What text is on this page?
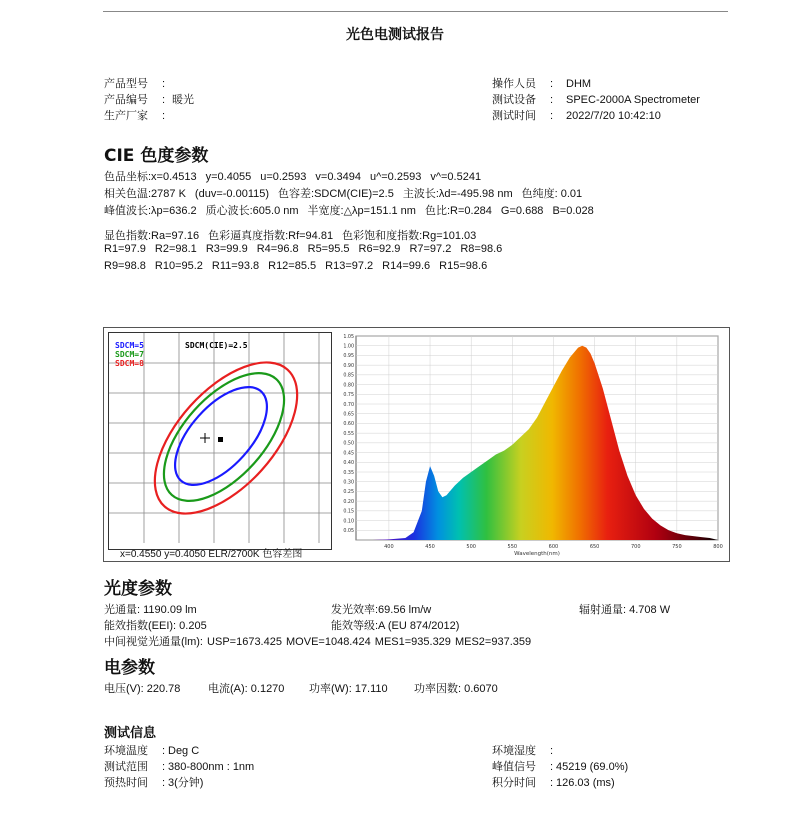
光色电测试报告
产品型号 :
产品编号 : 暖光
生产厂家 :
操作人员 : DHM
测试设备 : SPEC-2000A Spectrometer
测试时间 : 2022/7/20 10:42:10
CIE 色度参数
色品坐标:x=0.4513 y=0.4055 u=0.2593 v=0.3494 u^=0.2593 v^=0.5241
相关色温:2787 K (duv=-0.00115) 色容差:SDCM(CIE)=2.5 主波长:λd=-495.98 nm 色纯度: 0.01
峰值波长:λp=636.2 质心波长:605.0 nm 半宽度:△λp=151.1 nm 色比:R=0.284 G=0.688 B=0.028
显色指数:Ra=97.16 色彩逼真度指数:Rf=94.81 色彩饱和度指数:Rg=101.03
R1=97.9 R2=98.1 R3=99.9 R4=96.8 R5=95.5 R6=92.9 R7=97.2 R8=98.6
R9=98.8 R10=95.2 R11=93.8 R12=85.5 R13=97.2 R14=99.6 R15=98.6
SDCM=5
SDCM=7
SDCM=8
SDCM(CIE)=2.5
x=0.4550 y=0.4050 ELR/2700K 色容差图
0.05
0.10
0.15
0.20
0.25
0.30
0.35
0.40
0.45
0.50
0.55
0.60
0.65
0.70
0.75
0.80
0.85
0.90
0.95
1.00
1.05
400	450	500	550	600	650	700	750	800
Wavelength(nm)
光度参数
光通量: 1190.09 lm	发光效率:69.56 lm/w	辐射通量: 4.708 W
能效指数(EEI): 0.205	能效等级:A (EU 874/2012)
中间视觉光通量(lm): USP=1673.425 MOVE=1048.424 MES1=935.329 MES2=937.359
电参数
电压(V): 220.78	电流(A): 0.1270 功率(W): 17.110 功率因数: 0.6070
测试信息
环境温度 : Deg C
测试范围 : 380-800nm : 1nm
预热时间 : 3(分钟)
环境湿度 :
峰值信号 : 45219 (69.0%)
积分时间 : 126.03 (ms)
